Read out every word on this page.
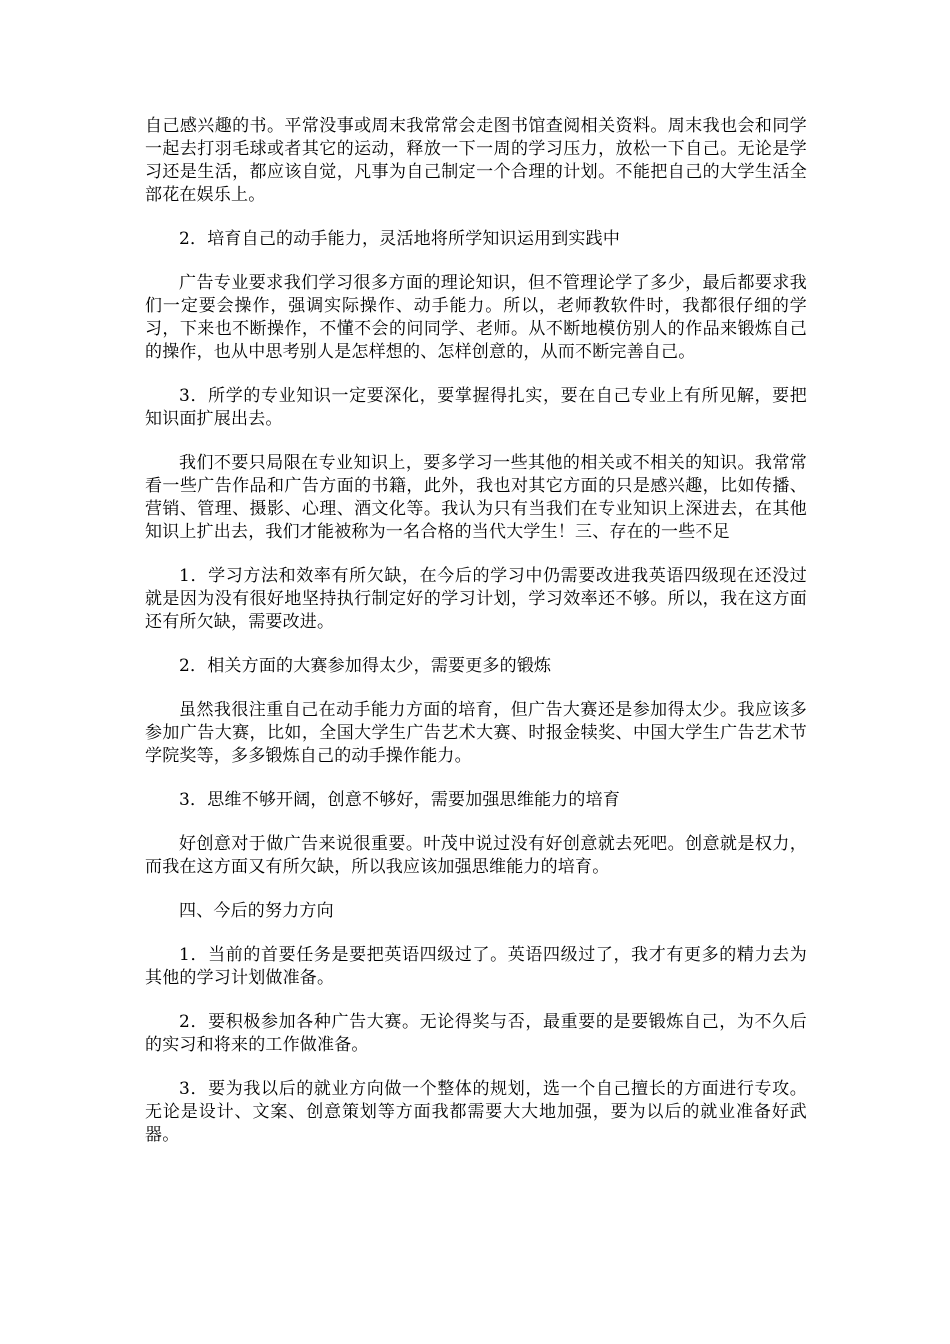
自己感兴趣的书。平常没事或周末我常常会走图书馆查阅相关资料。周末我也会和同学一起去打羽毛球或者其它的运动，释放一下一周的学习压力，放松一下自己。无论是学习还是生活，都应该自觉，凡事为自己制定一个合理的计划。不能把自己的大学生活全部花在娱乐上。

2．培育自己的动手能力，灵活地将所学知识运用到实践中

广告专业要求我们学习很多方面的理论知识，但不管理论学了多少，最后都要求我们一定要会操作，强调实际操作、动手能力。所以，老师教软件时，我都很仔细的学习，下来也不断操作，不懂不会的问同学、老师。从不断地模仿别人的作品来锻炼自己的操作，也从中思考别人是怎样想的、怎样创意的，从而不断完善自己。

3．所学的专业知识一定要深化，要掌握得扎实，要在自己专业上有所见解，要把知识面扩展出去。

我们不要只局限在专业知识上，要多学习一些其他的相关或不相关的知识。我常常看一些广告作品和广告方面的书籍，此外，我也对其它方面的只是感兴趣，比如传播、营销、管理、摄影、心理、酒文化等。我认为只有当我们在专业知识上深进去，在其他知识上扩出去，我们才能被称为一名合格的当代大学生！三、存在的一些不足

1．学习方法和效率有所欠缺，在今后的学习中仍需要改进我英语四级现在还没过就是因为没有很好地坚持执行制定好的学习计划，学习效率还不够。所以，我在这方面还有所欠缺，需要改进。

2．相关方面的大赛参加得太少，需要更多的锻炼

虽然我很注重自己在动手能力方面的培育，但广告大赛还是参加得太少。我应该多参加广告大赛，比如，全国大学生广告艺术大赛、时报金犊奖、中国大学生广告艺术节学院奖等，多多锻炼自己的动手操作能力。

3．思维不够开阔，创意不够好，需要加强思维能力的培育

好创意对于做广告来说很重要。叶茂中说过没有好创意就去死吧。创意就是权力，而我在这方面又有所欠缺，所以我应该加强思维能力的培育。

四、今后的努力方向

1．当前的首要任务是要把英语四级过了。英语四级过了，我才有更多的精力去为其他的学习计划做准备。

2．要积极参加各种广告大赛。无论得奖与否，最重要的是要锻炼自己，为不久后的实习和将来的工作做准备。

3．要为我以后的就业方向做一个整体的规划，选一个自己擅长的方面进行专攻。无论是设计、文案、创意策划等方面我都需要大大地加强，要为以后的就业准备好武器。
